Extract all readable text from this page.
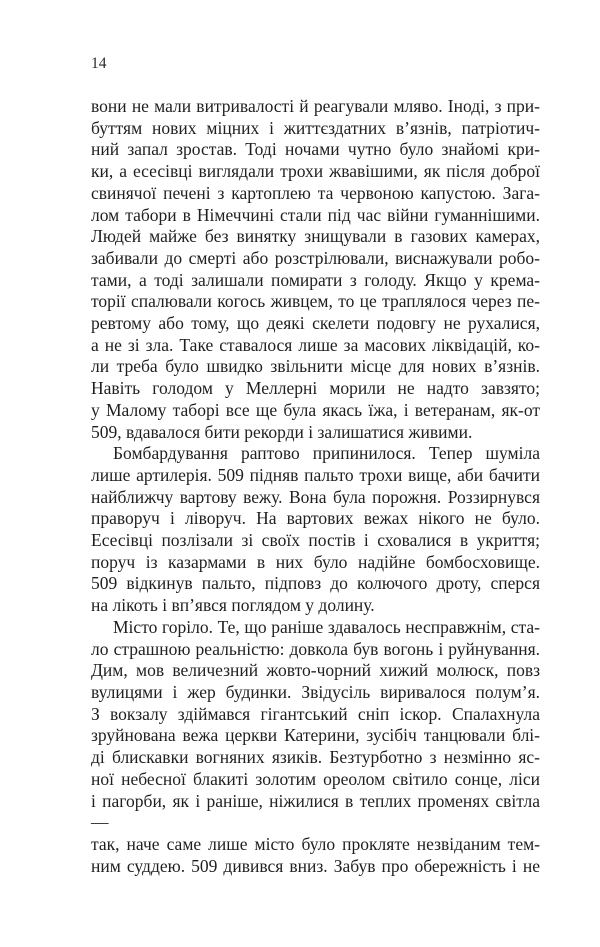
14
вони не мали витривалості й реагували мляво. Іноді, з при-
буттям нових міцних і життєздатних в’язнів, патріотич-
ний запал зростав. Тоді ночами чутно було знайомі кри-
ки, а есесівці виглядали трохи жвавішими, як після доброї
свинячої печені з картоплею та червоною капустою. Зага-
лом табори в Німеччині стали під час війни гуманнішими.
Людей майже без винятку знищували в газових камерах,
забивали до смерті або розстрілювали, виснажували робо-
тами, а тоді залишали помирати з голоду. Якщо у крема-
торії спалювали когось живцем, то це траплялося через пе-
ревтому або тому, що деякі скелети подовгу не рухалися,
а не зі зла. Таке ставалося лише за масових ліквідацій, ко-
ли треба було швидко звільнити місце для нових в’язнів.
Навіть голодом у Меллерні морили не надто завзято;
у Малому таборі все ще була якась їжа, і ветеранам, як-от
509, вдавалося бити рекорди і залишатися живими.
Бомбардування раптово припинилося. Тепер шуміла
лише артилерія. 509 підняв пальто трохи вище, аби бачити
найближчу вартову вежу. Вона була порожня. Роззирнувся
праворуч і ліворуч. На вартових вежах нікого не було.
Есесівці позлізали зі своїх постів і сховалися в укриття;
поруч із казармами в них було надійне бомбосховище.
509 відкинув пальто, підповз до колючого дроту, сперся
на лікоть і вп’явся поглядом у долину.
Місто горіло. Те, що раніше здавалось несправжнім, ста-
ло страшною реальністю: довкола був вогонь і руйнування.
Дим, мов величезний жовто-чорний хижий молюск, повз
вулицями і жер будинки. Звідусіль виривалося полум’я.
З вокзалу здіймався гігантський сніп іскор. Спалахнула
зруйнована вежа церкви Катерини, зусібіч танцювали блі-
ді блискавки вогняних язиків. Безтурботно з незмінно яс-
ної небесної блакиті золотим ореолом світило сонце, ліси
і пагорби, як і раніше, ніжилися в теплих променях світла —
так, наче саме лише місто було прокляте незвіданим тем-
ним суддею. 509 дивився вниз. Забув про обережність і не
